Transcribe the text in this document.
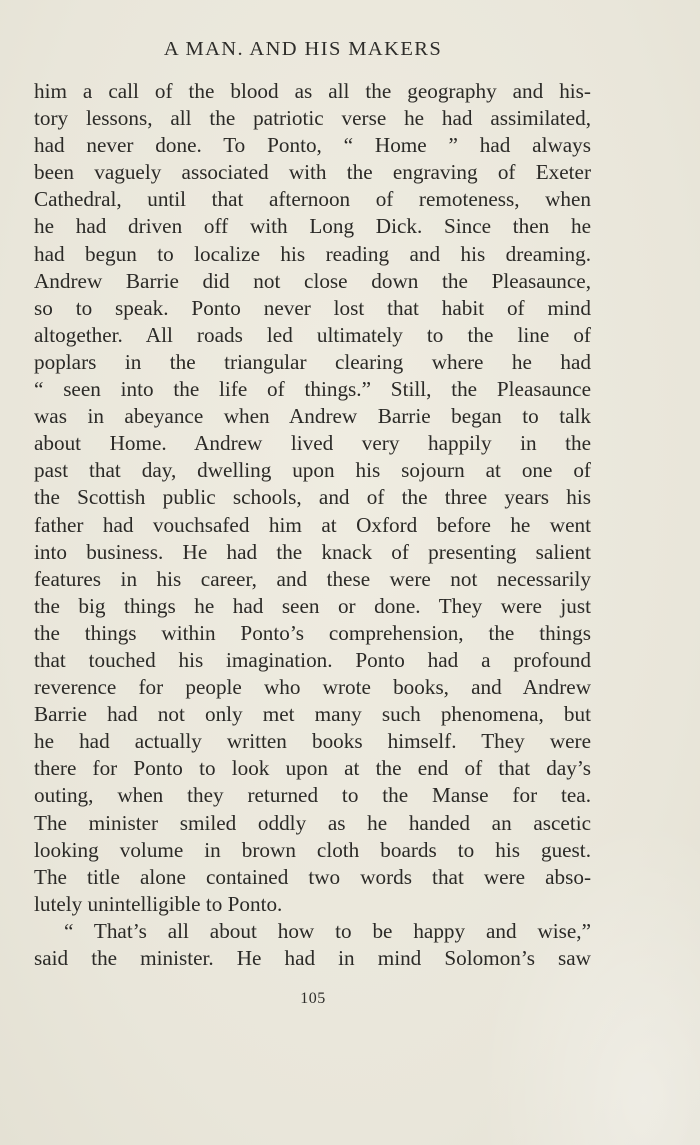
A MAN. AND HIS MAKERS
him a call of the blood as all the geography and his-
tory lessons, all the patriotic verse he had assimilated,
had never done. To Ponto, “ Home ” had always
been vaguely associated with the engraving of Exeter
Cathedral, until that afternoon of remoteness, when
he had driven off with Long Dick. Since then he
had begun to localize his reading and his dreaming.
Andrew Barrie did not close down the Pleasaunce,
so to speak. Ponto never lost that habit of mind
altogether. All roads led ultimately to the line of
poplars in the triangular clearing where he had
“ seen into the life of things.” Still, the Pleasaunce
was in abeyance when Andrew Barrie began to talk
about Home. Andrew lived very happily in the
past that day, dwelling upon his sojourn at one of
the Scottish public schools, and of the three years his
father had vouchsafed him at Oxford before he went
into business. He had the knack of presenting salient
features in his career, and these were not necessarily
the big things he had seen or done. They were just
the things within Ponto’s comprehension, the things
that touched his imagination. Ponto had a profound
reverence for people who wrote books, and Andrew
Barrie had not only met many such phenomena, but
he had actually written books himself. They were
there for Ponto to look upon at the end of that day’s
outing, when they returned to the Manse for tea.
The minister smiled oddly as he handed an ascetic
looking volume in brown cloth boards to his guest.
The title alone contained two words that were abso-
lutely unintelligible to Ponto.
“ That’s all about how to be happy and wise,”
said the minister. He had in mind Solomon’s saw
105
